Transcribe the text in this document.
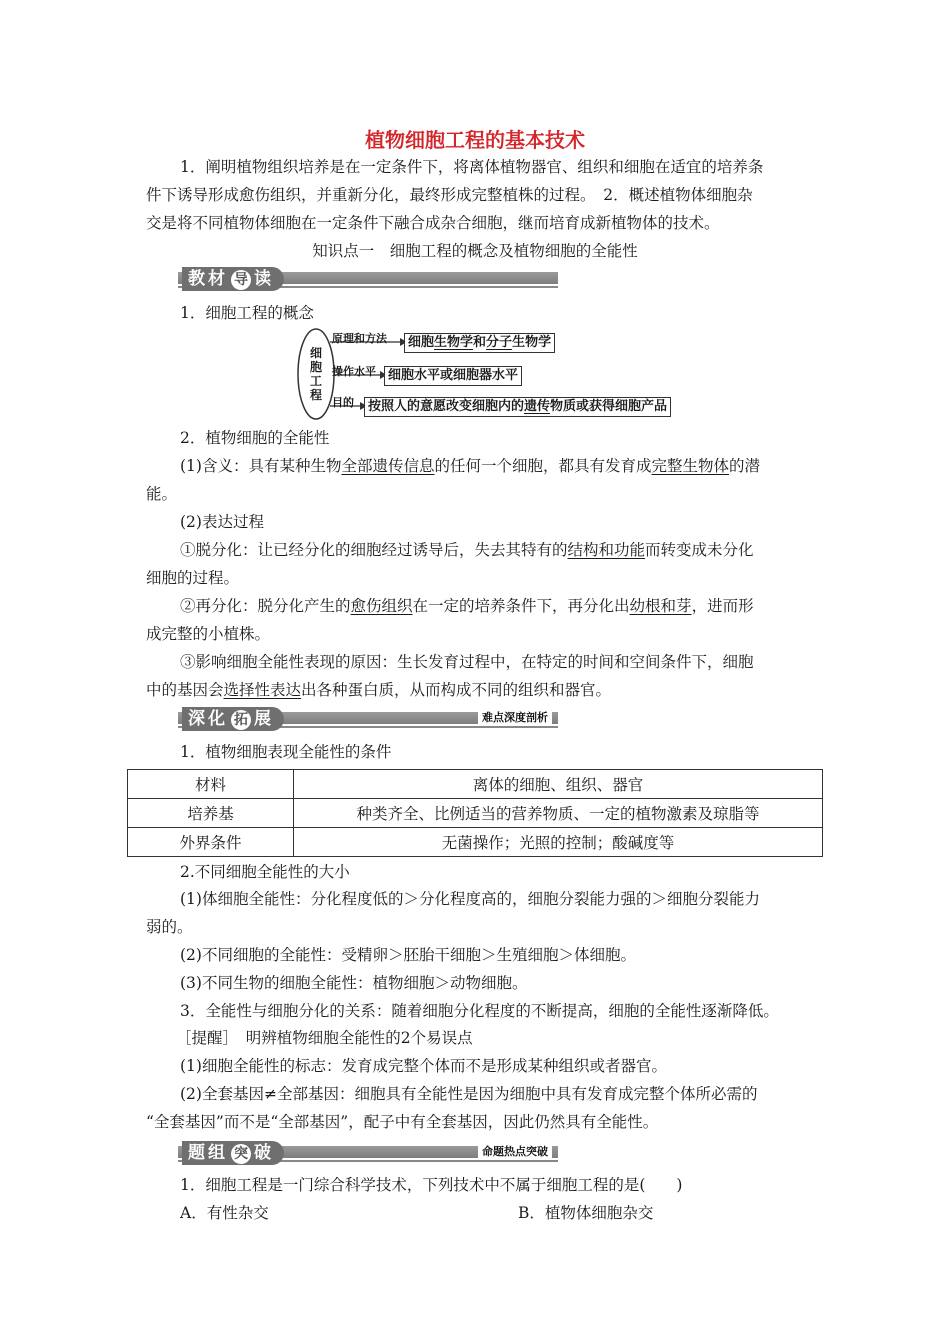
植物细胞工程的基本技术
1．阐明植物组织培养是在一定条件下，将离体植物器官、组织和细胞在适宜的培养条
件下诱导形成愈伤组织，并重新分化，最终形成完整植株的过程。　2．概述植物体细胞杂
交是将不同植物体细胞在一定条件下融合成杂合细胞，继而培育成新植物体的技术。
知识点一　细胞工程的概念及植物细胞的全能性
教材 导 读
1．细胞工程的概念
细
胞
工
程
原理和方法
操作水平
目的
细胞生物学和分子生物学
细胞水平或细胞器水平
按照人的意愿改变细胞内的遗传物质或获得细胞产品
2．植物细胞的全能性
(1)含义：具有某种生物全部遗传信息的任何一个细胞，都具有发育成完整生物体的潜
能。
(2)表达过程
①脱分化：让已经分化的细胞经过诱导后，失去其特有的结构和功能而转变成未分化
细胞的过程。
②再分化：脱分化产生的愈伤组织在一定的培养条件下，再分化出幼根和芽，进而形
成完整的小植株。
③影响细胞全能性表现的原因：生长发育过程中，在特定的时间和空间条件下，细胞
中的基因会选择性表达出各种蛋白质，从而构成不同的组织和器官。
深化 拓 展	难点深度剖析
1．植物细胞表现全能性的条件
材料	离体的细胞、组织、器官
培养基	种类齐全、比例适当的营养物质、一定的植物激素及琼脂等
外界条件	无菌操作；光照的控制；酸碱度等
2.不同细胞全能性的大小
(1)体细胞全能性：分化程度低的＞分化程度高的，细胞分裂能力强的＞细胞分裂能力
弱的。
(2)不同细胞的全能性：受精卵＞胚胎干细胞＞生殖细胞＞体细胞。
(3)不同生物的细胞全能性：植物细胞＞动物细胞。
3．全能性与细胞分化的关系：随着细胞分化程度的不断提高，细胞的全能性逐渐降低。
［提醒］　明辨植物细胞全能性的2个易误点
(1)细胞全能性的标志：发育成完整个体而不是形成某种组织或者器官。
(2)全套基因≠全部基因：细胞具有全能性是因为细胞中具有发育成完整个体所必需的
“全套基因”而不是“全部基因”，配子中有全套基因，因此仍然具有全能性。
题组 突 破	命题热点突破
1．细胞工程是一门综合科学技术，下列技术中不属于细胞工程的是(　　)
A．有性杂交	B．植物体细胞杂交
